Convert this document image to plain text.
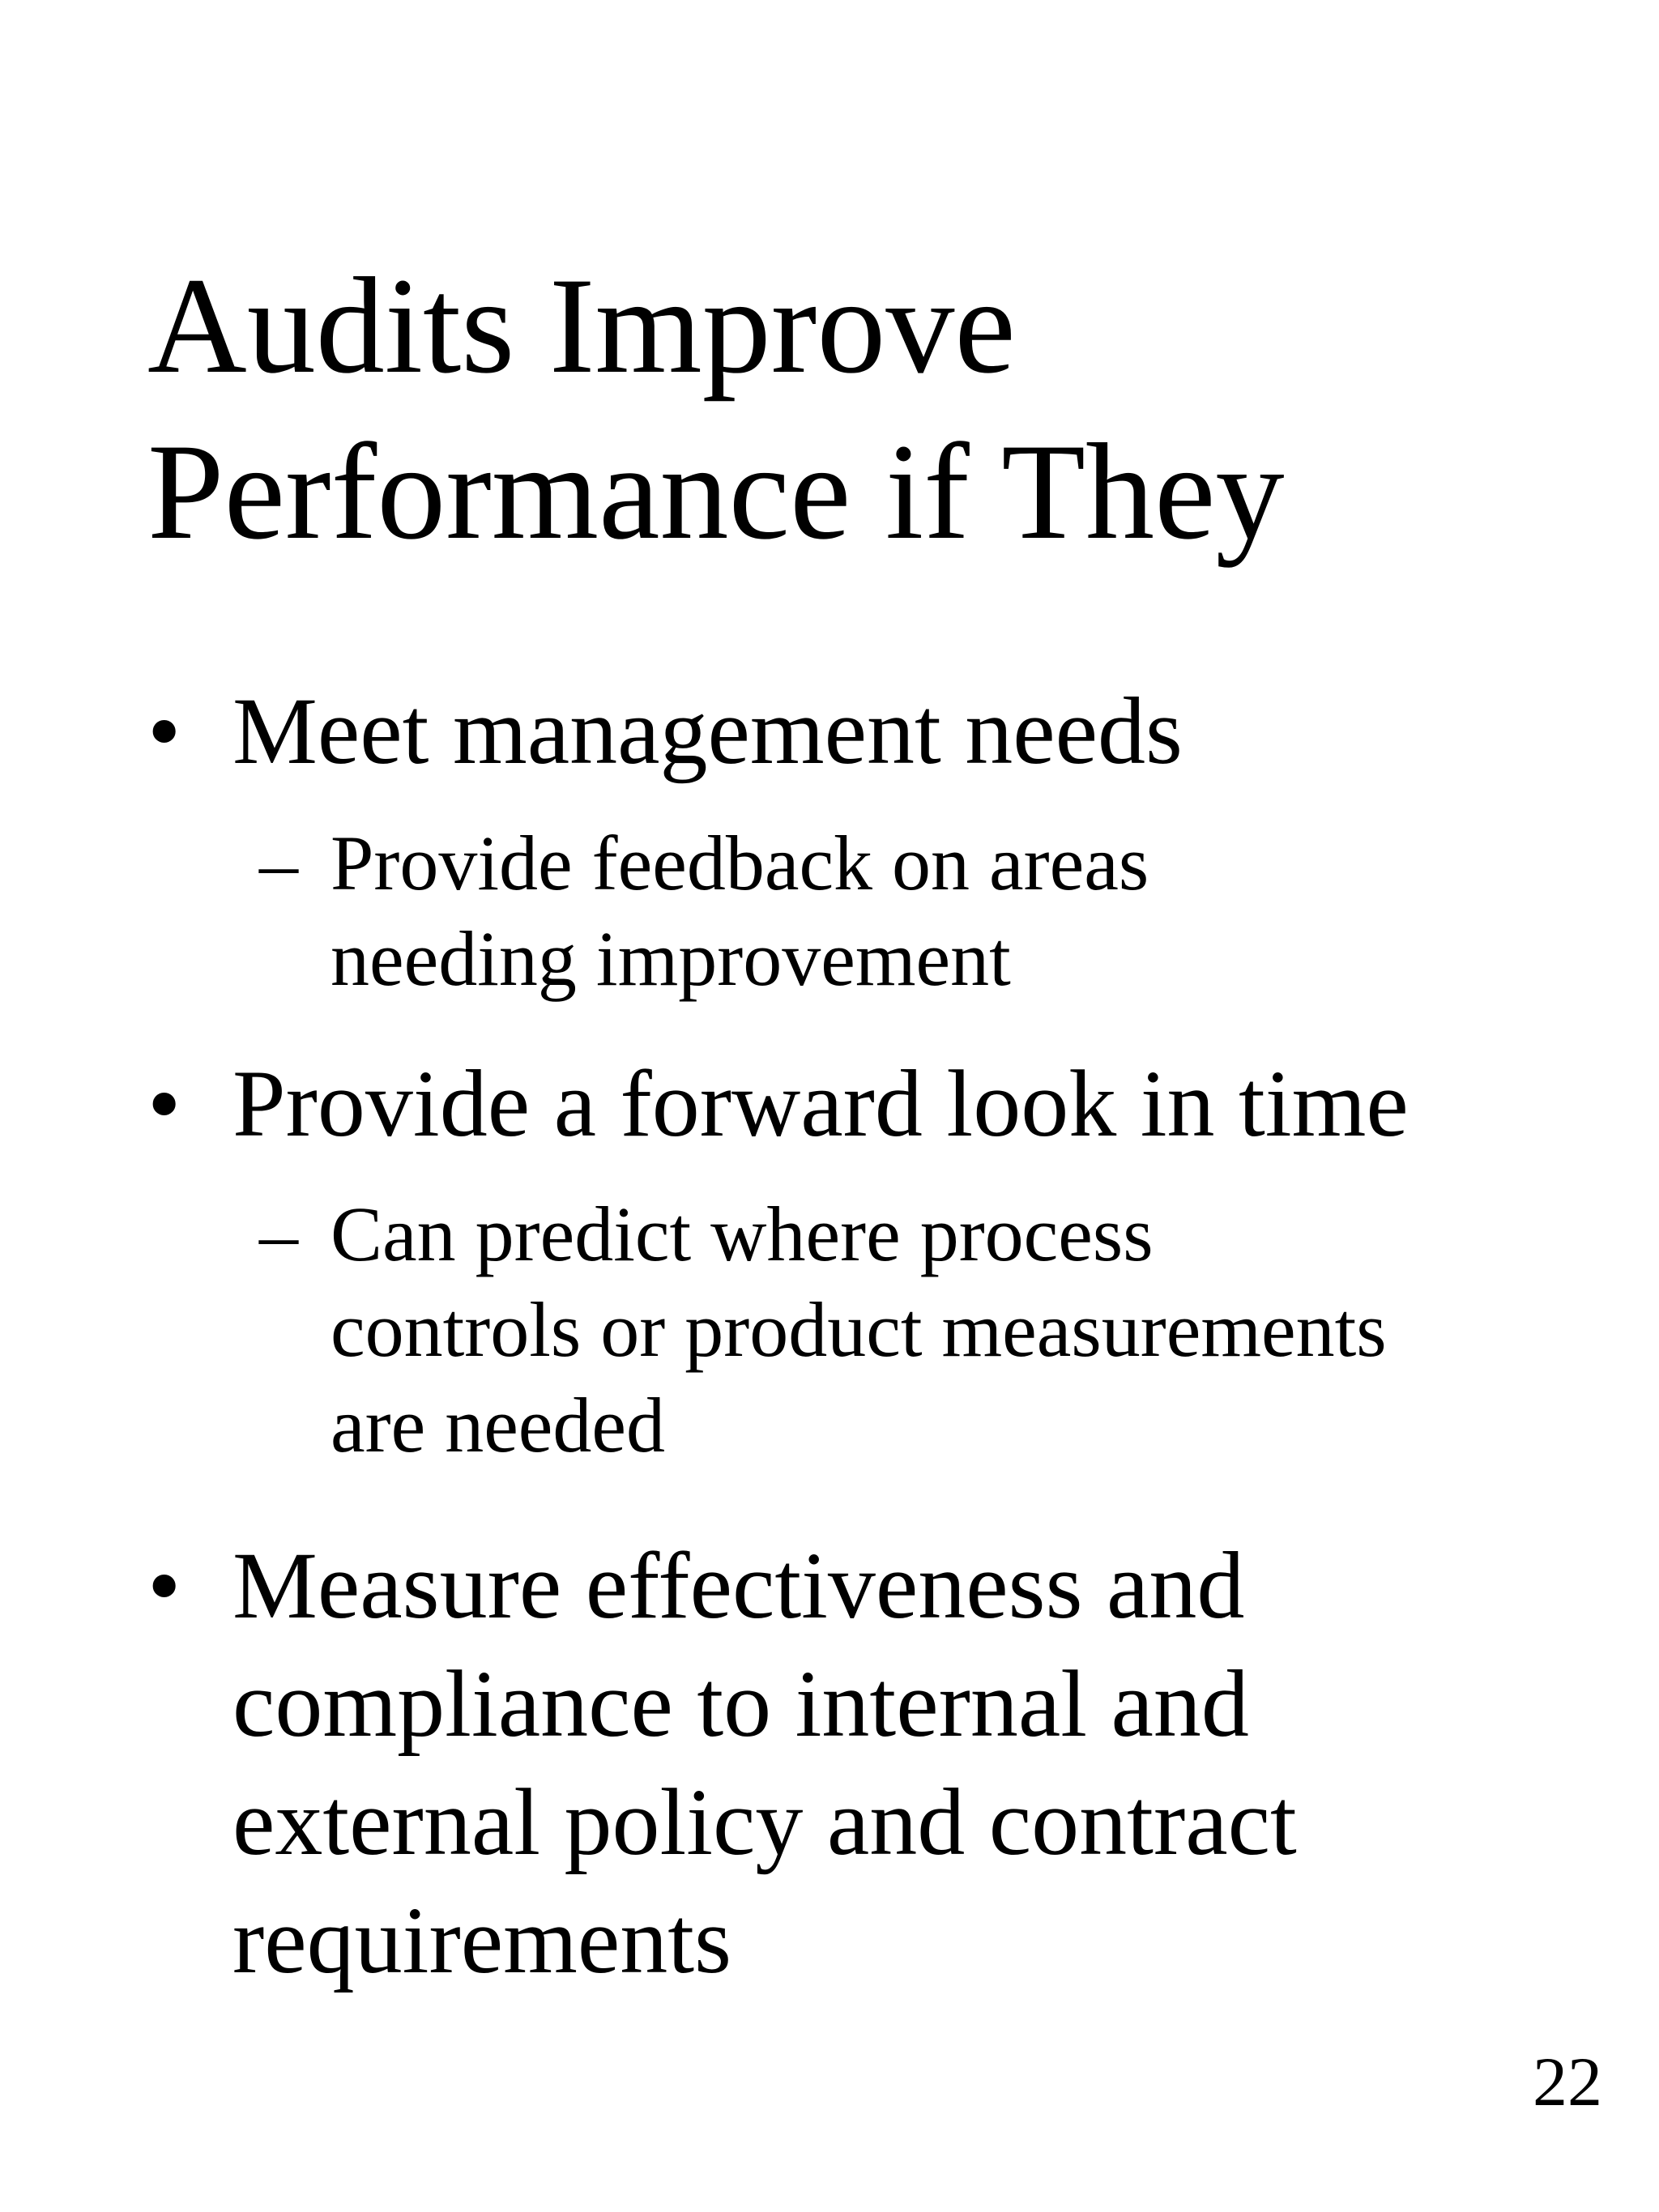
Audits Improve
Performance if They
• Meet management needs
– Provide feedback on areas
needing improvement
• Provide a forward look in time
– Can predict where process
controls or product measurements
are needed
• Measure effectiveness and
compliance to internal and
external policy and contract
requirements
22
